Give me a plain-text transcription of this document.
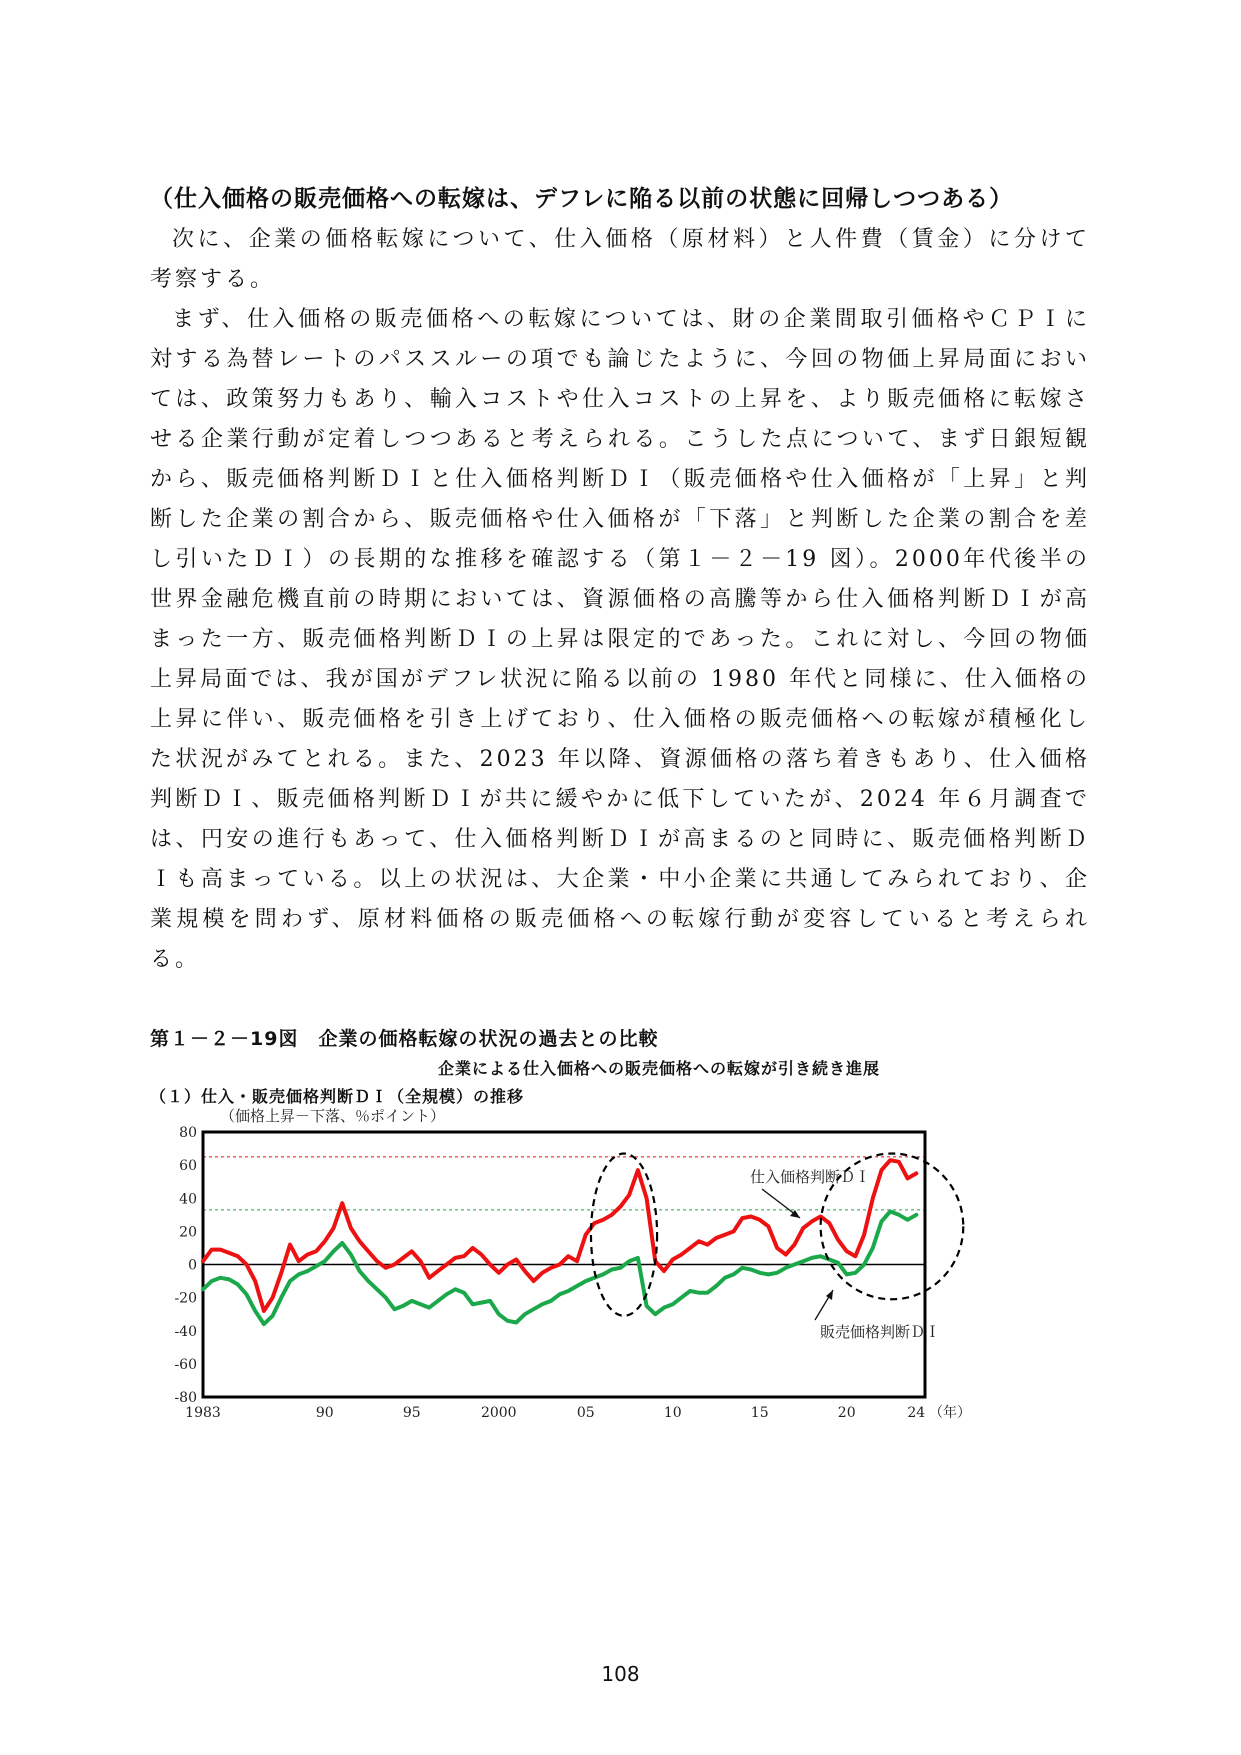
（仕入価格の販売価格への転嫁は、デフレに陥る以前の状態に回帰しつつある）

次に、企業の価格転嫁について、仕入価格（原材料）と人件費（賃金）に分けて考察する。

まず、仕入価格の販売価格への転嫁については、財の企業間取引価格やＣＰＩに対する為替レートのパススルーの項でも論じたように、今回の物価上昇局面においては、政策努力もあり、輸入コストや仕入コストの上昇を、より販売価格に転嫁させる企業行動が定着しつつあると考えられる。こうした点について、まず日銀短観から、販売価格判断ＤＩと仕入価格判断ＤＩ（販売価格や仕入価格が「上昇」と判断した企業の割合から、販売価格や仕入価格が「下落」と判断した企業の割合を差し引いたＤＩ）の長期的な推移を確認する（第１－２－19 図）。2000年代後半の世界金融危機直前の時期においては、資源価格の高騰等から仕入価格判断ＤＩが高まった一方、販売価格判断ＤＩの上昇は限定的であった。これに対し、今回の物価上昇局面では、我が国がデフレ状況に陥る以前の 1980 年代と同様に、仕入価格の上昇に伴い、販売価格を引き上げており、仕入価格の販売価格への転嫁が積極化した状況がみてとれる。また、2023 年以降、資源価格の落ち着きもあり、仕入価格判断ＤＩ、販売価格判断ＤＩが共に緩やかに低下していたが、2024 年６月調査では、円安の進行もあって、仕入価格判断ＤＩが高まるのと同時に、販売価格判断ＤＩも高まっている。以上の状況は、大企業・中小企業に共通してみられており、企業規模を問わず、原材料価格の販売価格への転嫁行動が変容していると考えられる。

第１－２－19図　企業の価格転嫁の状況の過去との比較
企業による仕入価格への販売価格への転嫁が引き続き進展
（１）仕入・販売価格判断ＤＩ（全規模）の推移
（価格上昇－下落、％ポイント）
80
60
40
20
0
-20
-40
-60
-80
1983	90	95	2000	05	10	15	20	24
仕入価格判断ＤＩ
販売価格判断ＤＩ
（年）
108
